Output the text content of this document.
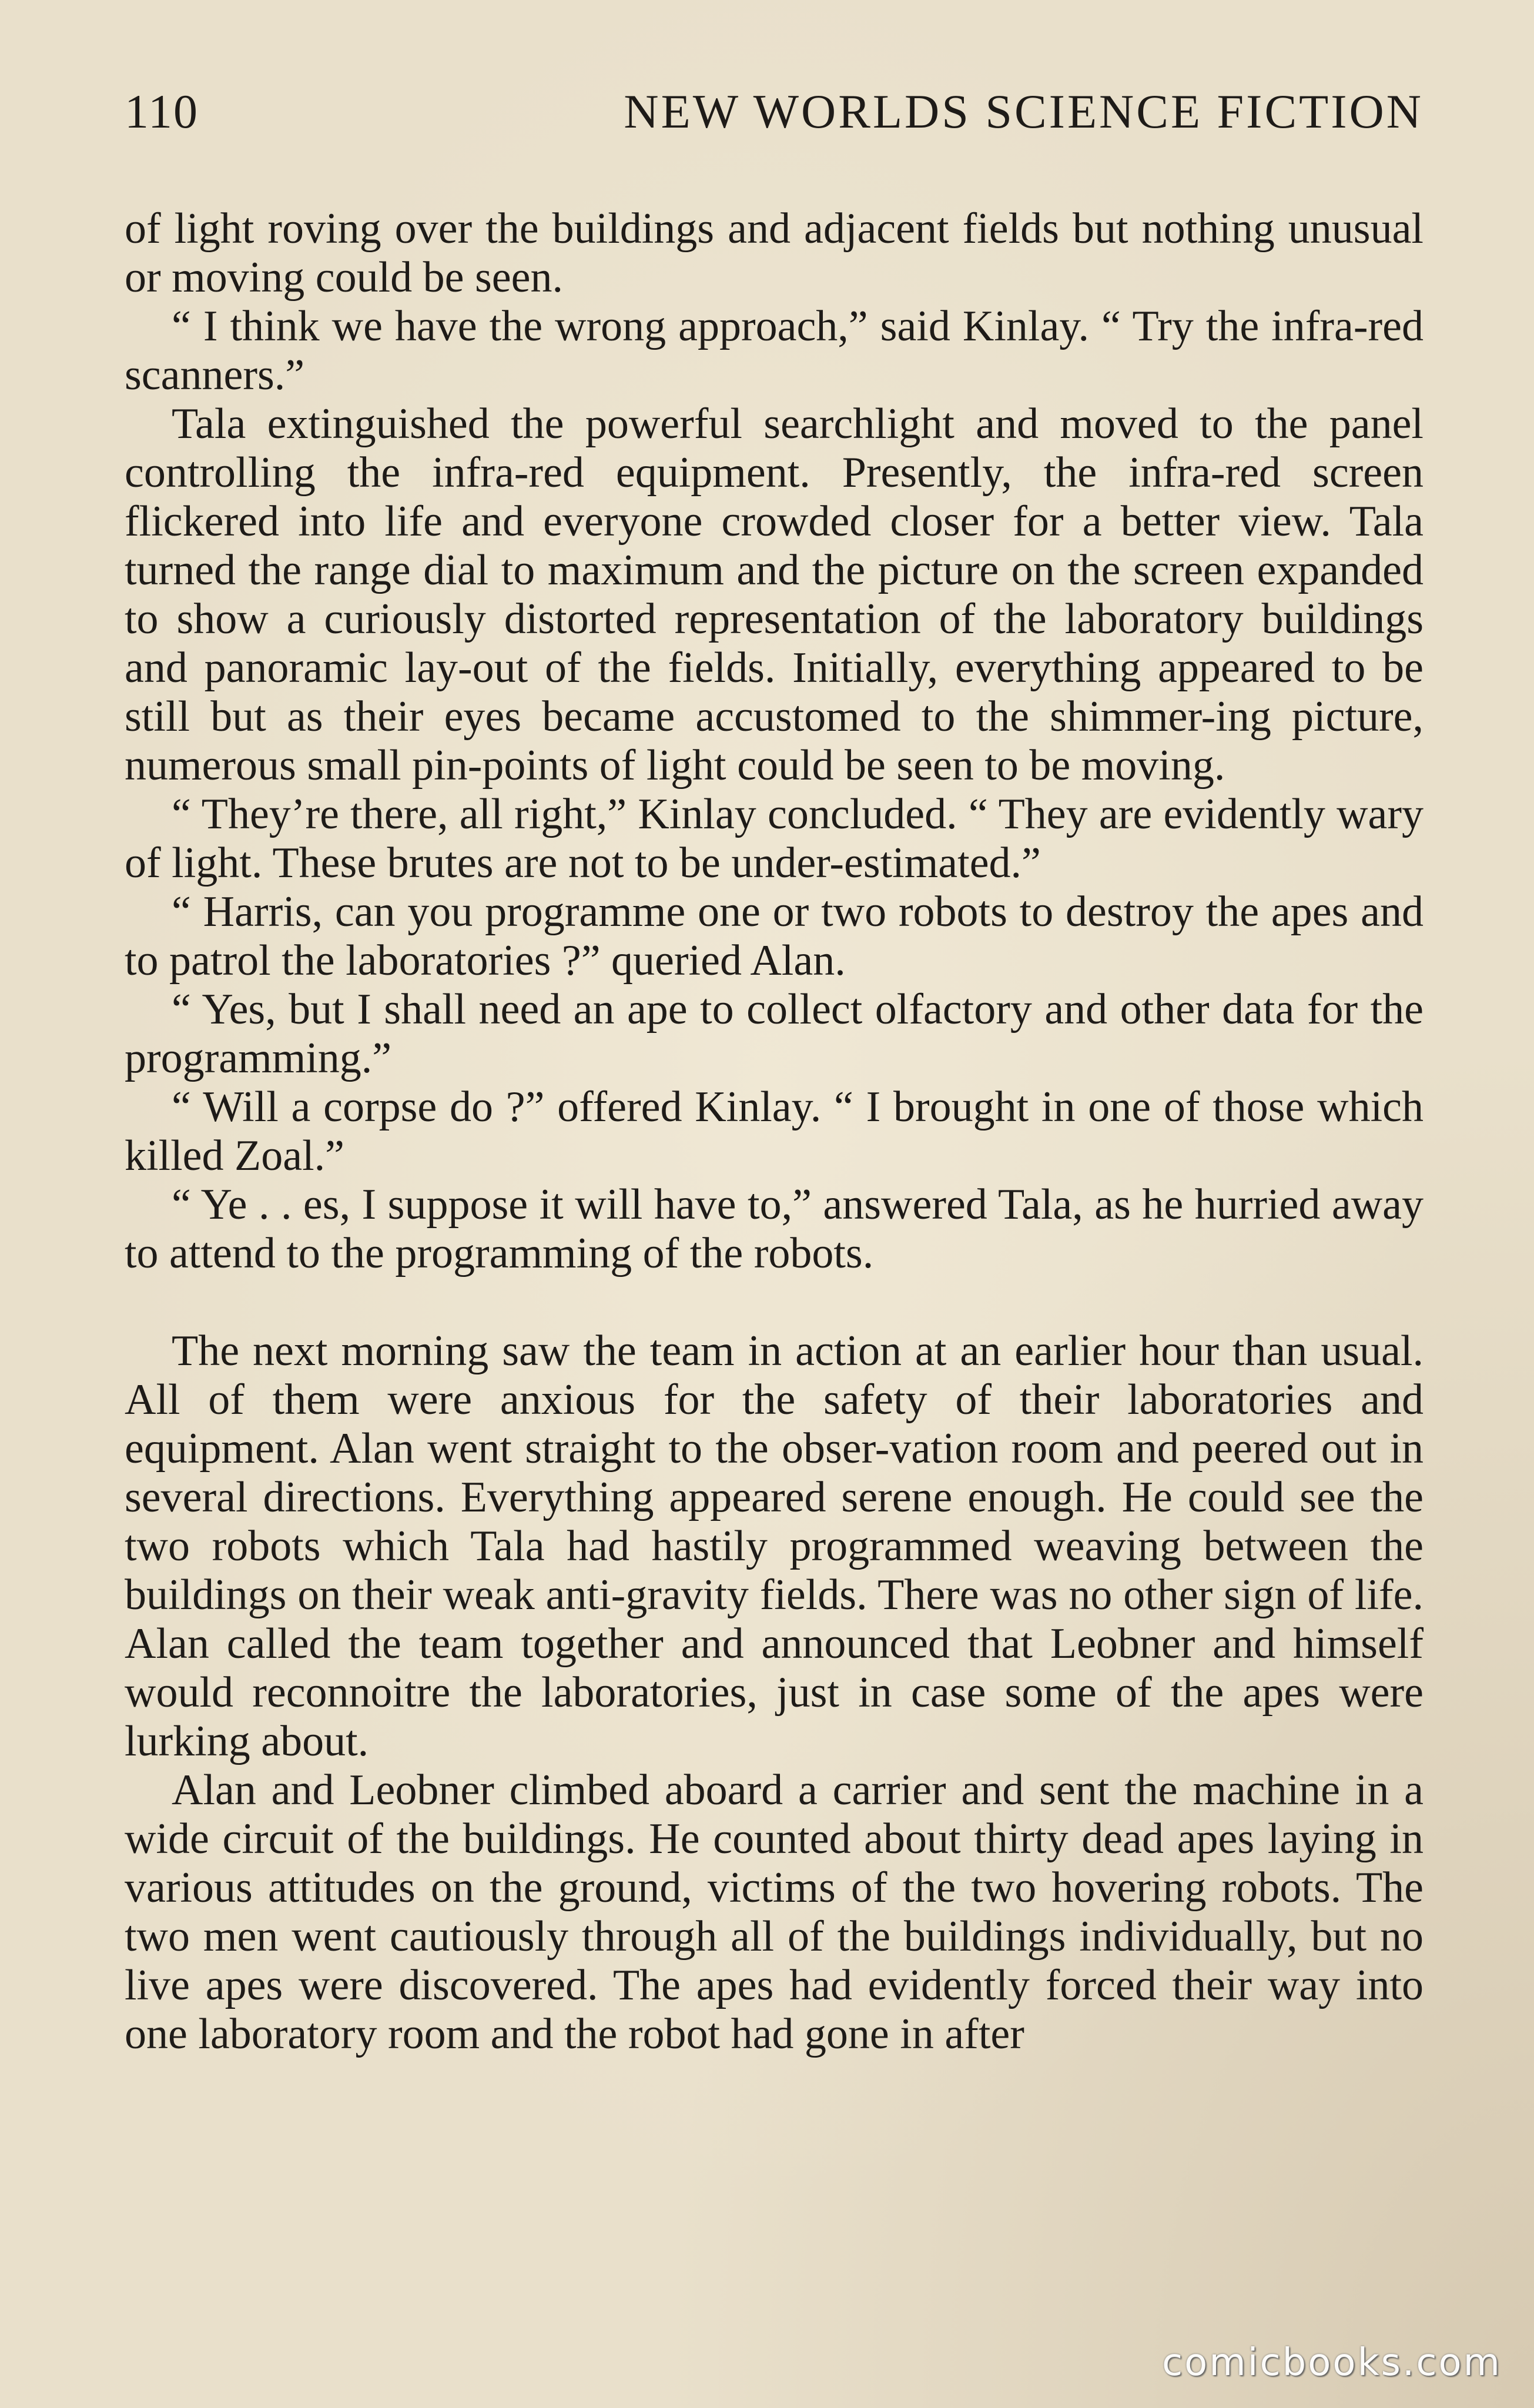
110	NEW WORLDS SCIENCE FICTION

of light roving over the buildings and adjacent fields but nothing unusual or moving could be seen.

“ I think we have the wrong approach,” said Kinlay. “ Try the infra-red scanners.”

Tala extinguished the powerful searchlight and moved to the panel controlling the infra-red equipment. Presently, the infra-red screen flickered into life and everyone crowded closer for a better view. Tala turned the range dial to maximum and the picture on the screen expanded to show a curiously distorted representation of the laboratory buildings and panoramic lay-out of the fields. Initially, everything appeared to be still but as their eyes became accustomed to the shimmer-ing picture, numerous small pin-points of light could be seen to be moving.

“ They’re there, all right,” Kinlay concluded. “ They are evidently wary of light. These brutes are not to be under-estimated.”

“ Harris, can you programme one or two robots to destroy the apes and to patrol the laboratories ?” queried Alan.

“ Yes, but I shall need an ape to collect olfactory and other data for the programming.”

“ Will a corpse do ?” offered Kinlay. “ I brought in one of those which killed Zoal.”

“ Ye . . es, I suppose it will have to,” answered Tala, as he hurried away to attend to the programming of the robots.

The next morning saw the team in action at an earlier hour than usual. All of them were anxious for the safety of their laboratories and equipment. Alan went straight to the obser-vation room and peered out in several directions. Everything appeared serene enough. He could see the two robots which Tala had hastily programmed weaving between the buildings on their weak anti-gravity fields. There was no other sign of life. Alan called the team together and announced that Leobner and himself would reconnoitre the laboratories, just in case some of the apes were lurking about.

Alan and Leobner climbed aboard a carrier and sent the machine in a wide circuit of the buildings. He counted about thirty dead apes laying in various attitudes on the ground, victims of the two hovering robots. The two men went cautiously through all of the buildings individually, but no live apes were discovered. The apes had evidently forced their way into one laboratory room and the robot had gone in after

comicbooks.com
